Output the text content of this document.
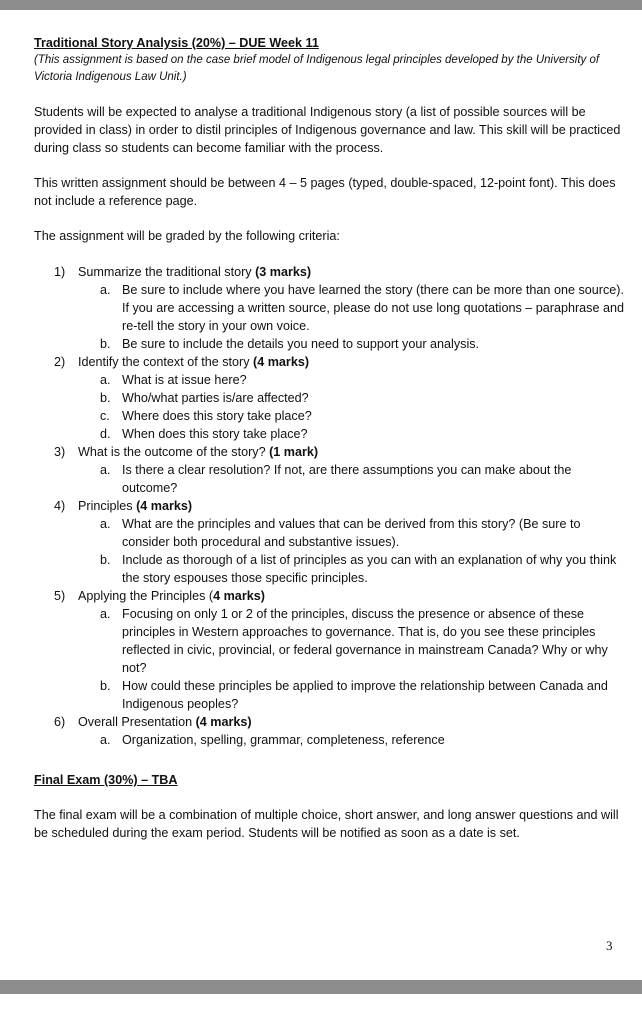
Traditional Story Analysis (20%) – DUE Week 11

(This assignment is based on the case brief model of Indigenous legal principles developed by the University of Victoria Indigenous Law Unit.)

Students will be expected to analyse a traditional Indigenous story (a list of possible sources will be provided in class) in order to distil principles of Indigenous governance and law. This skill will be practiced during class so students can become familiar with the process.

This written assignment should be between 4 – 5 pages (typed, double-spaced, 12-point font). This does not include a reference page.

The assignment will be graded by the following criteria:

1)	Summarize the traditional story (3 marks)
a. Be sure to include where you have learned the story (there can be more than one source). If you are accessing a written source, please do not use long quotations – paraphrase and re-tell the story in your own voice.
b. Be sure to include the details you need to support your analysis.
2)	Identify the context of the story (4 marks)
a. What is at issue here?
b. Who/what parties is/are affected?
c. Where does this story take place?
d. When does this story take place?
3)	What is the outcome of the story? (1 mark)
a. Is there a clear resolution? If not, are there assumptions you can make about the outcome?
4)	Principles (4 marks)
a. What are the principles and values that can be derived from this story? (Be sure to consider both procedural and substantive issues).
b. Include as thorough of a list of principles as you can with an explanation of why you think the story espouses those specific principles.
5)	Applying the Principles (4 marks)
a. Focusing on only 1 or 2 of the principles, discuss the presence or absence of these principles in Western approaches to governance. That is, do you see these principles reflected in civic, provincial, or federal governance in mainstream Canada? Why or why not?
b. How could these principles be applied to improve the relationship between Canada and Indigenous peoples?
6)	Overall Presentation (4 marks)
a. Organization, spelling, grammar, completeness, reference

Final Exam (30%) – TBA

The final exam will be a combination of multiple choice, short answer, and long answer questions and will be scheduled during the exam period. Students will be notified as soon as a date is set.

3
